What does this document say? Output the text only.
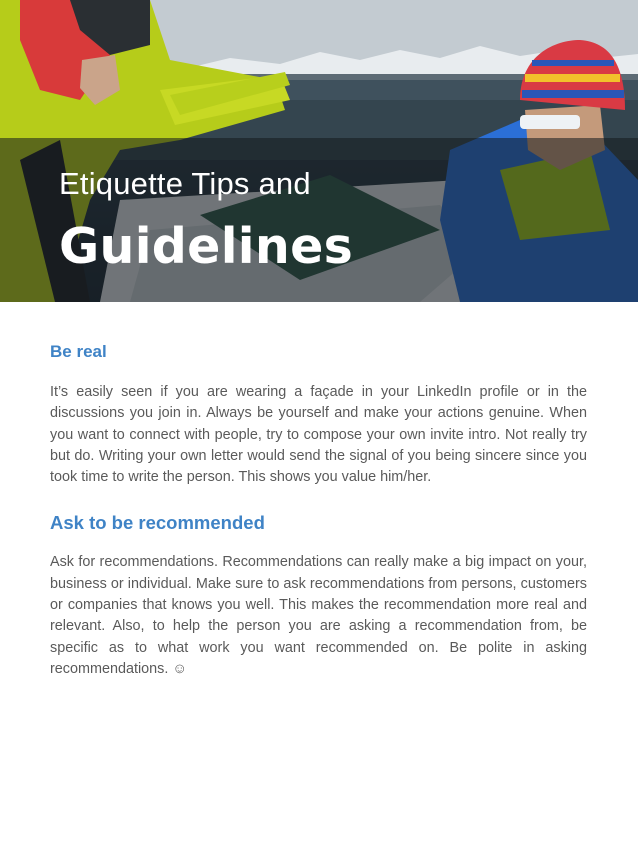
Etiquette Tips and
Guidelines
Be real

It’s easily seen if you are wearing a façade in your LinkedIn profile or in the discussions you join in. Always be yourself and make your actions genuine. When you want to connect with people, try to compose your own invite intro. Not really try but do. Writing your own letter would send the signal of you being sincere since you took time to write the person. This shows you value him/her.

Ask to be recommended

Ask for recommendations. Recommendations can really make a big impact on your, business or individual. Make sure to ask recommendations from persons, customers or companies that knows you well. This makes the recommendation more real and relevant. Also, to help the person you are asking a recommendation from, be specific as to what work you want recommended on. Be polite in asking recommendations. ☺
